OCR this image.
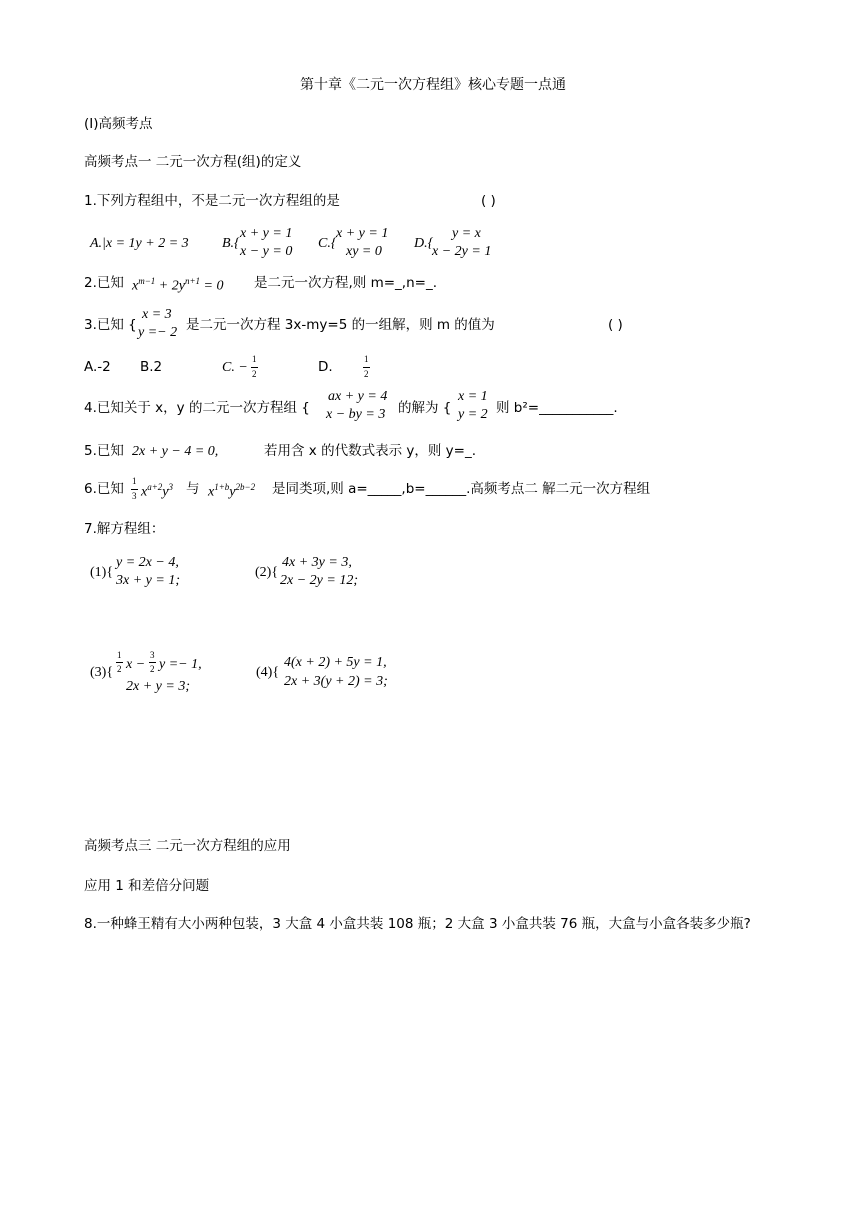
第十章《二元一次方程组》核心专题一点通
(Ⅰ)高频考点
高频考点一 二元一次方程(组)的定义
1.下列方程组中，不是二元一次方程组的是	( )
A.|x = 1y + 2 = 3 B.{
x + y = 1
x − y = 0
C.{
x + y = 1
xy = 0
D.{
y = x
x − 2y = 1
2.已知 $x^{m-1} + 2y^{n+1} = 0$ 是二元一次方程,则 m=_,n=_.
3.已知 {
x = 3
y =− 2 是二元一次方程 3x-my=5 的一组解，则 m 的值为	( )
A.-2 B.2	C. −
1
2	D.	1
2
4.已知关于 x，y 的二元一次方程组 {
ax + y = 4
x − by = 3 的解为 {
x = 1
y = 2 则 b²=___________.
5.已知 2x + y − 4 = 0,	若用含 x 的代数式表示 y，则 y=_.
6.已知 1
3 $x^{a+2}y^3$ 与 $x^{1+b}y^{2b-2}$ 是同类项,则 a=_____,b=______.高频考点二 解二元一次方程组
7.解方程组：
(1){
y = 2x − 4,
3x + y = 1;
(2){
4x + 3y = 3,
2x − 2y = 12;
(3){
1
2 x −
3
2 y =− 1,
2x + y = 3;
(4){
4(x + 2) + 5y = 1,
2x + 3(y + 2) = 3;
高频考点三 二元一次方程组的应用
应用 1 和差倍分问题
8.一种蜂王精有大小两种包装，3 大盒 4 小盒共装 108 瓶；2 大盒 3 小盒共装 76 瓶，大盒与小盒各装多少瓶?
